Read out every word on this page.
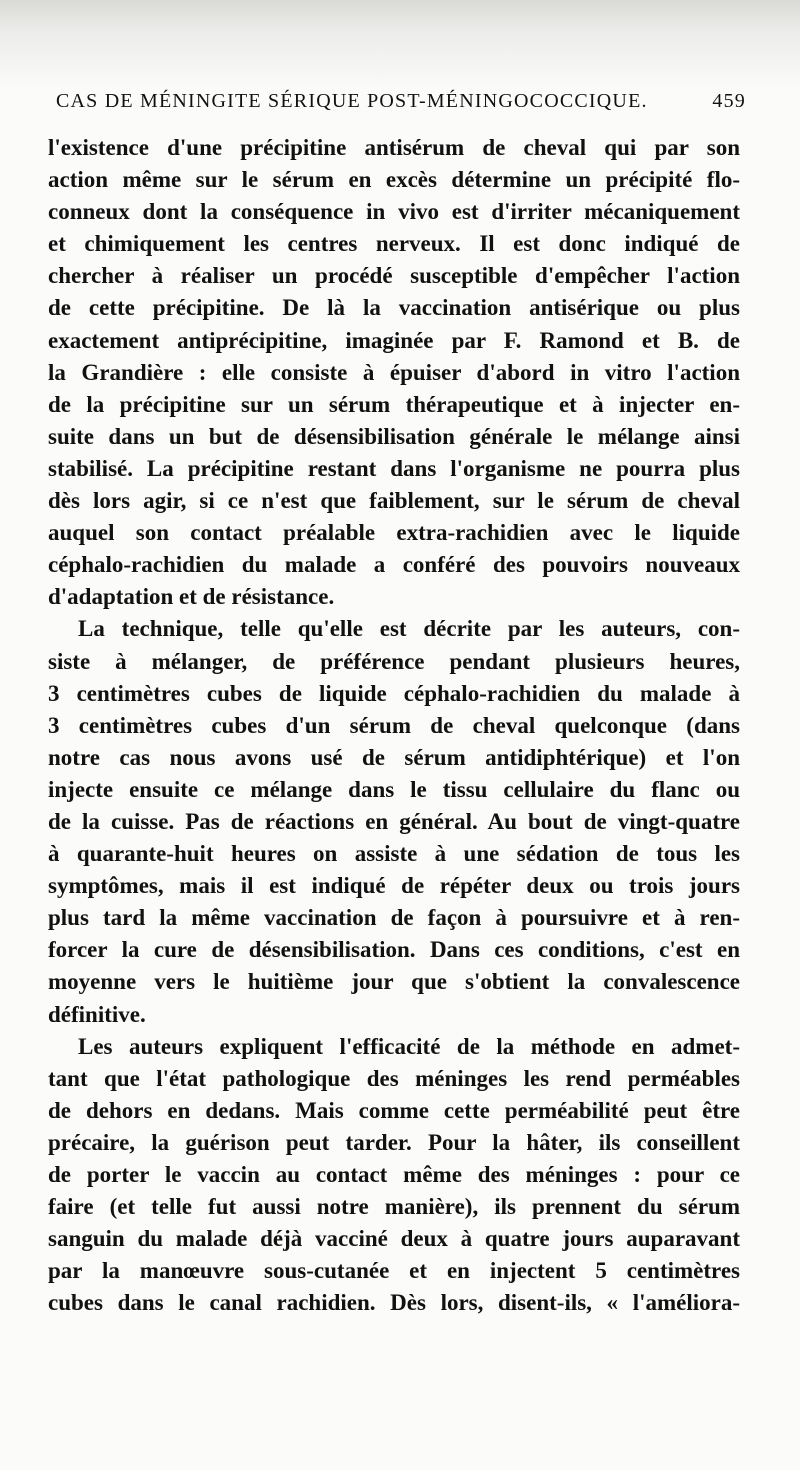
CAS DE MÉNINGITE SÉRIQUE POST-MÉNINGOCOCCIQUE.	459
l'existence d'une précipitine antisérum de cheval qui par son
action même sur le sérum en excès détermine un précipité flo-
conneux dont la conséquence in vivo est d'irriter mécaniquement
et chimiquement les centres nerveux. Il est donc indiqué de
chercher à réaliser un procédé susceptible d'empêcher l'action
de cette précipitine. De là la vaccination antisérique ou plus
exactement antiprécipitine, imaginée par F. Ramond et B. de
la Grandière : elle consiste à épuiser d'abord in vitro l'action
de la précipitine sur un sérum thérapeutique et à injecter en-
suite dans un but de désensibilisation générale le mélange ainsi
stabilisé. La précipitine restant dans l'organisme ne pourra plus
dès lors agir, si ce n'est que faiblement, sur le sérum de cheval
auquel son contact préalable extra-rachidien avec le liquide
céphalo-rachidien du malade a conféré des pouvoirs nouveaux
d'adaptation et de résistance.
La technique, telle qu'elle est décrite par les auteurs, con-
siste à mélanger, de préférence pendant plusieurs heures,
3 centimètres cubes de liquide céphalo-rachidien du malade à
3 centimètres cubes d'un sérum de cheval quelconque (dans
notre cas nous avons usé de sérum antidiphtérique) et l'on
injecte ensuite ce mélange dans le tissu cellulaire du flanc ou
de la cuisse. Pas de réactions en général. Au bout de vingt-quatre
à quarante-huit heures on assiste à une sédation de tous les
symptômes, mais il est indiqué de répéter deux ou trois jours
plus tard la même vaccination de façon à poursuivre et à ren-
forcer la cure de désensibilisation. Dans ces conditions, c'est en
moyenne vers le huitième jour que s'obtient la convalescence
définitive.
Les auteurs expliquent l'efficacité de la méthode en admet-
tant que l'état pathologique des méninges les rend perméables
de dehors en dedans. Mais comme cette perméabilité peut être
précaire, la guérison peut tarder. Pour la hâter, ils conseillent
de porter le vaccin au contact même des méninges : pour ce
faire (et telle fut aussi notre manière), ils prennent du sérum
sanguin du malade déjà vacciné deux à quatre jours auparavant
par la manœuvre sous-cutanée et en injectent 5 centimètres
cubes dans le canal rachidien. Dès lors, disent-ils, « l'améliora-
